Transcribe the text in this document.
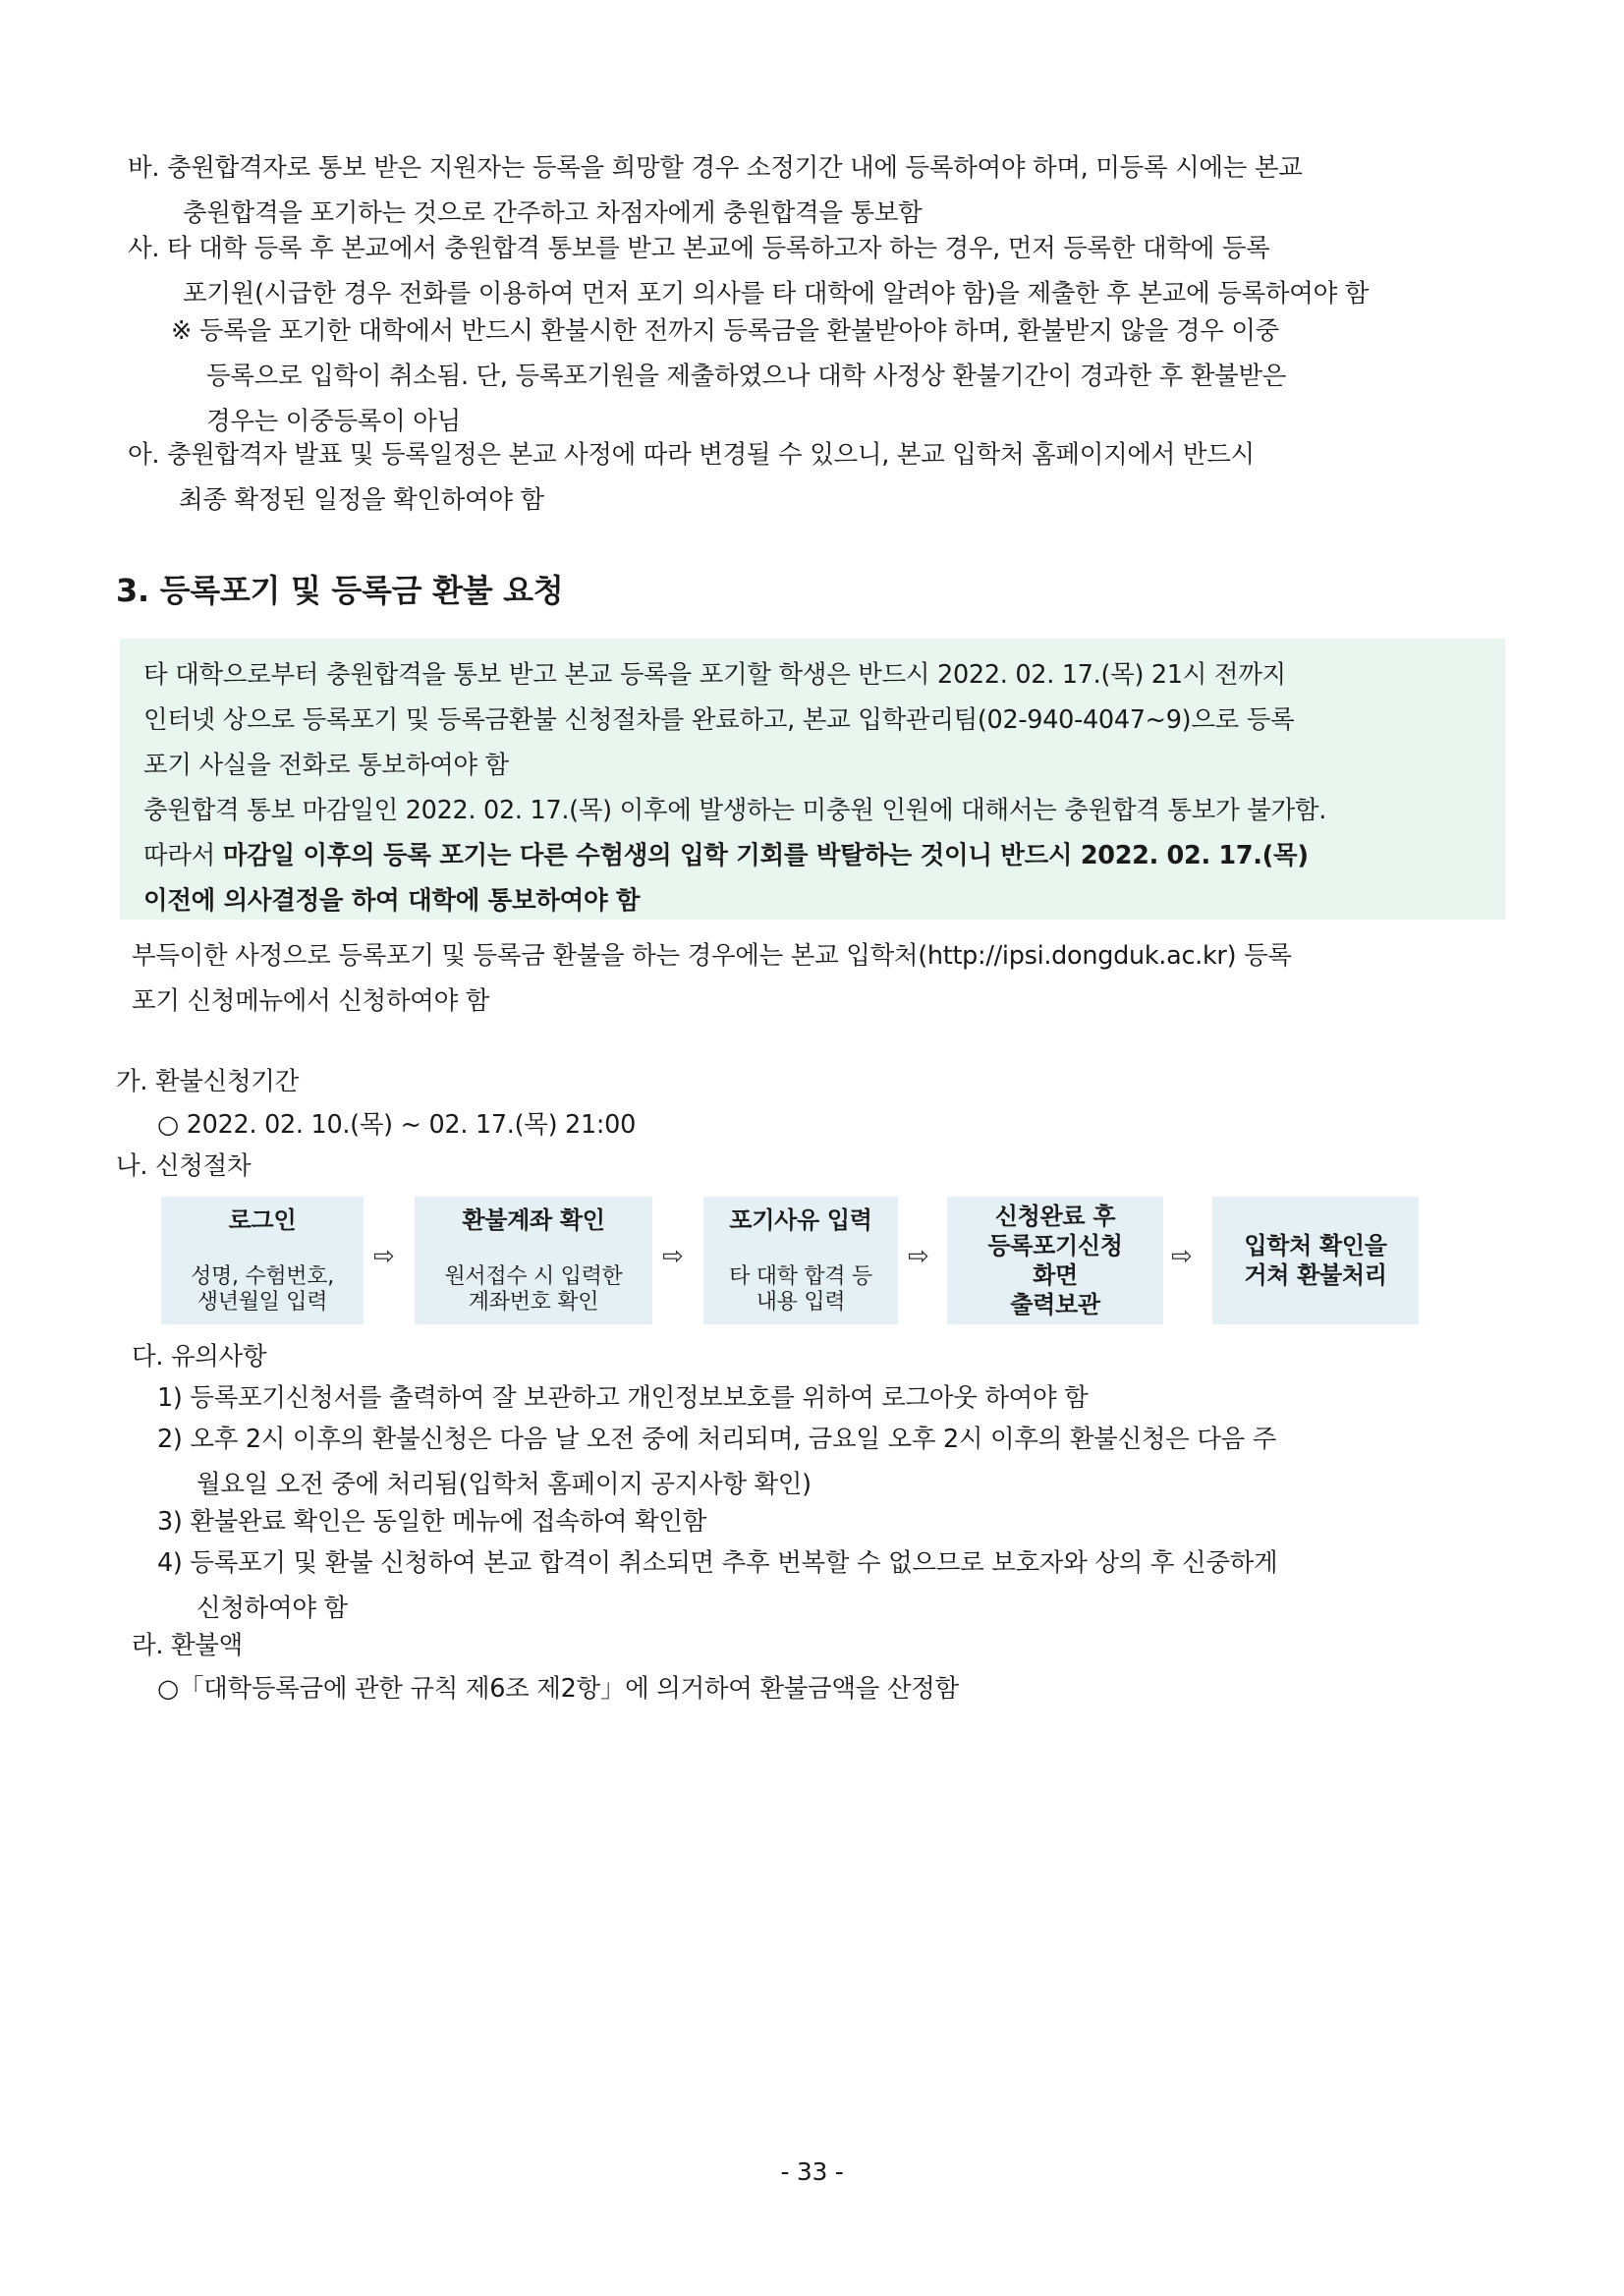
바. 충원합격자로 통보 받은 지원자는 등록을 희망할 경우 소정기간 내에 등록하여야 하며, 미등록 시에는 본교
충원합격을 포기하는 것으로 간주하고 차점자에게 충원합격을 통보함
사. 타 대학 등록 후 본교에서 충원합격 통보를 받고 본교에 등록하고자 하는 경우, 먼저 등록한 대학에 등록
포기원(시급한 경우 전화를 이용하여 먼저 포기 의사를 타 대학에 알려야 함)을 제출한 후 본교에 등록하여야 함
※ 등록을 포기한 대학에서 반드시 환불시한 전까지 등록금을 환불받아야 하며, 환불받지 않을 경우 이중
등록으로 입학이 취소됨. 단, 등록포기원을 제출하였으나 대학 사정상 환불기간이 경과한 후 환불받은
경우는 이중등록이 아님
아. 충원합격자 발표 및 등록일정은 본교 사정에 따라 변경될 수 있으니, 본교 입학처 홈페이지에서 반드시
최종 확정된 일정을 확인하여야 함
3. 등록포기 및 등록금 환불 요청
타 대학으로부터 충원합격을 통보 받고 본교 등록을 포기할 학생은 반드시 2022. 02. 17.(목) 21시 전까지
인터넷 상으로 등록포기 및 등록금환불 신청절차를 완료하고, 본교 입학관리팀(02-940-4047~9)으로 등록
포기 사실을 전화로 통보하여야 함
충원합격 통보 마감일인 2022. 02. 17.(목) 이후에 발생하는 미충원 인원에 대해서는 충원합격 통보가 불가함.
따라서 마감일 이후의 등록 포기는 다른 수험생의 입학 기회를 박탈하는 것이니 반드시 2022. 02. 17.(목)
이전에 의사결정을 하여 대학에 통보하여야 함
부득이한 사정으로 등록포기 및 등록금 환불을 하는 경우에는 본교 입학처(http://ipsi.dongduk.ac.kr) 등록
포기 신청메뉴에서 신청하여야 함
가. 환불신청기간
○ 2022. 02. 10.(목) ~ 02. 17.(목) 21:00
나. 신청절차
로그인
성명, 수험번호,
생년월일 입력
⇨
환불계좌 확인
원서접수 시 입력한
계좌번호 확인
⇨
포기사유 입력
타 대학 합격 등
내용 입력
⇨
신청완료 후
등록포기신청
화면
출력보관
⇨ 입학처 확인을
거쳐 환불처리
다. 유의사항
1) 등록포기신청서를 출력하여 잘 보관하고 개인정보보호를 위하여 로그아웃 하여야 함
2) 오후 2시 이후의 환불신청은 다음 날 오전 중에 처리되며, 금요일 오후 2시 이후의 환불신청은 다음 주
월요일 오전 중에 처리됨(입학처 홈페이지 공지사항 확인)
3) 환불완료 확인은 동일한 메뉴에 접속하여 확인함
4) 등록포기 및 환불 신청하여 본교 합격이 취소되면 추후 번복할 수 없으므로 보호자와 상의 후 신중하게
신청하여야 함
라. 환불액
○「대학등록금에 관한 규칙 제6조 제2항」에 의거하여 환불금액을 산정함
- 33 -
